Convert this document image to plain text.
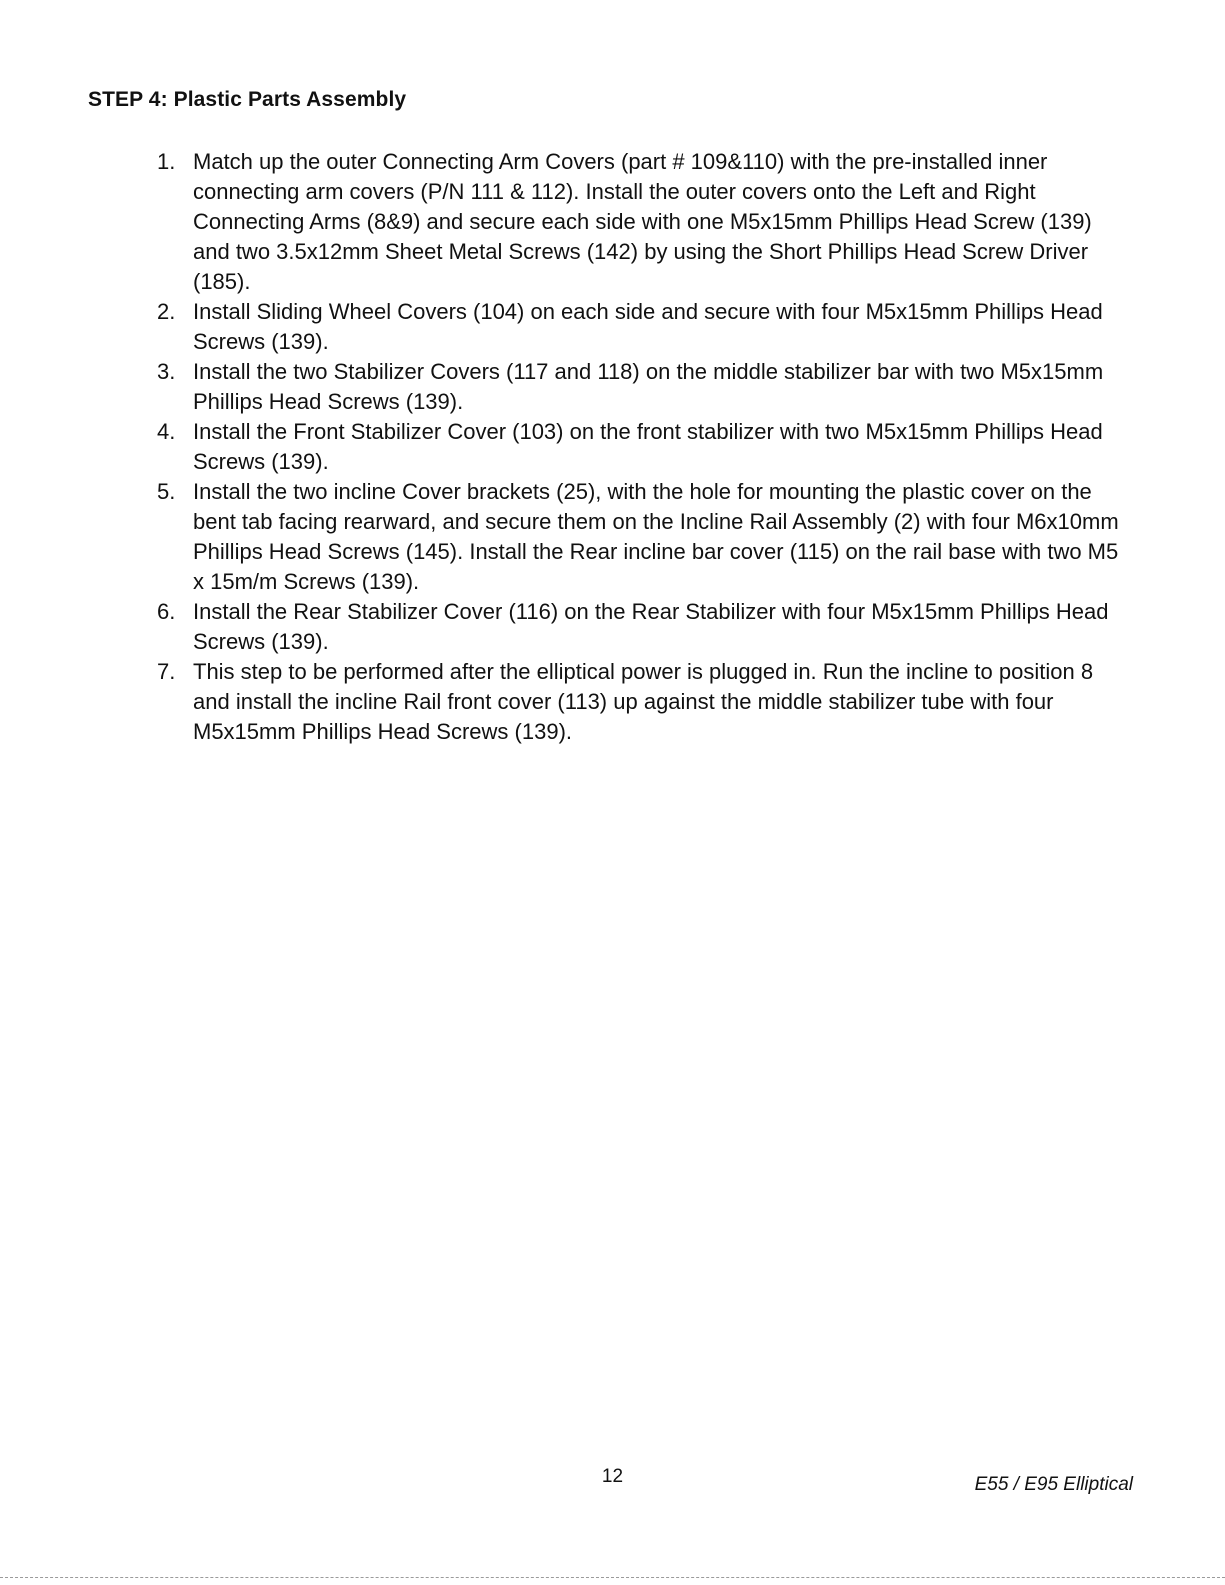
STEP 4: Plastic Parts Assembly
1. Match up the outer Connecting Arm Covers (part # 109&110) with the pre-installed inner connecting arm covers (P/N 111 & 112). Install the outer covers onto the Left and Right Connecting Arms (8&9) and secure each side with one M5x15mm Phillips Head Screw (139) and two 3.5x12mm Sheet Metal Screws (142) by using the Short Phillips Head Screw Driver (185).
2. Install Sliding Wheel Covers (104) on each side and secure with four M5x15mm Phillips Head Screws (139).
3. Install the two Stabilizer Covers (117 and 118) on the middle stabilizer bar with two M5x15mm Phillips Head Screws (139).
4. Install the Front Stabilizer Cover (103) on the front stabilizer with two M5x15mm Phillips Head Screws (139).
5. Install the two incline Cover brackets (25), with the hole for mounting the plastic cover on the bent tab facing rearward, and secure them on the Incline Rail Assembly (2) with four M6x10mm Phillips Head Screws (145). Install the Rear incline bar cover (115) on the rail base with two M5 x 15m/m Screws (139).
6. Install the Rear Stabilizer Cover (116) on the Rear Stabilizer with four M5x15mm Phillips Head Screws (139).
7. This step to be performed after the elliptical power is plugged in. Run the incline to position 8 and install the incline Rail front cover (113) up against the middle stabilizer tube with four M5x15mm Phillips Head Screws (139).
12	E55 / E95 Elliptical
